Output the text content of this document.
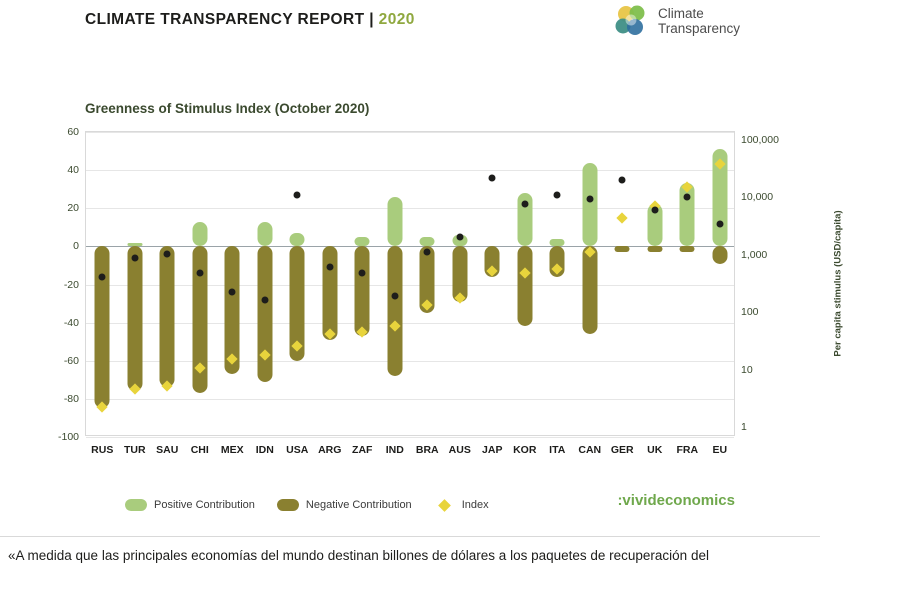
CLIMATE TRANSPARENCY REPORT | 2020	Climate
Transparency
Greenness of Stimulus Index (October 2020)
Per capita stimulus (USD/capita)
60
40
20
0
-20
-40
-60
-80
-100
100,000
10,000
1,000
100
10
1
RUS TUR SAU CHI MEX IDN USA ARG ZAF IND BRA AUS JAP KOR ITA CAN GER UK FRA EU
Positive Contribution	Negative Contribution	Index	:vivideconomics
«A medida que las principales economías del mundo destinan billones de dólares a los paquetes de recuperación del
